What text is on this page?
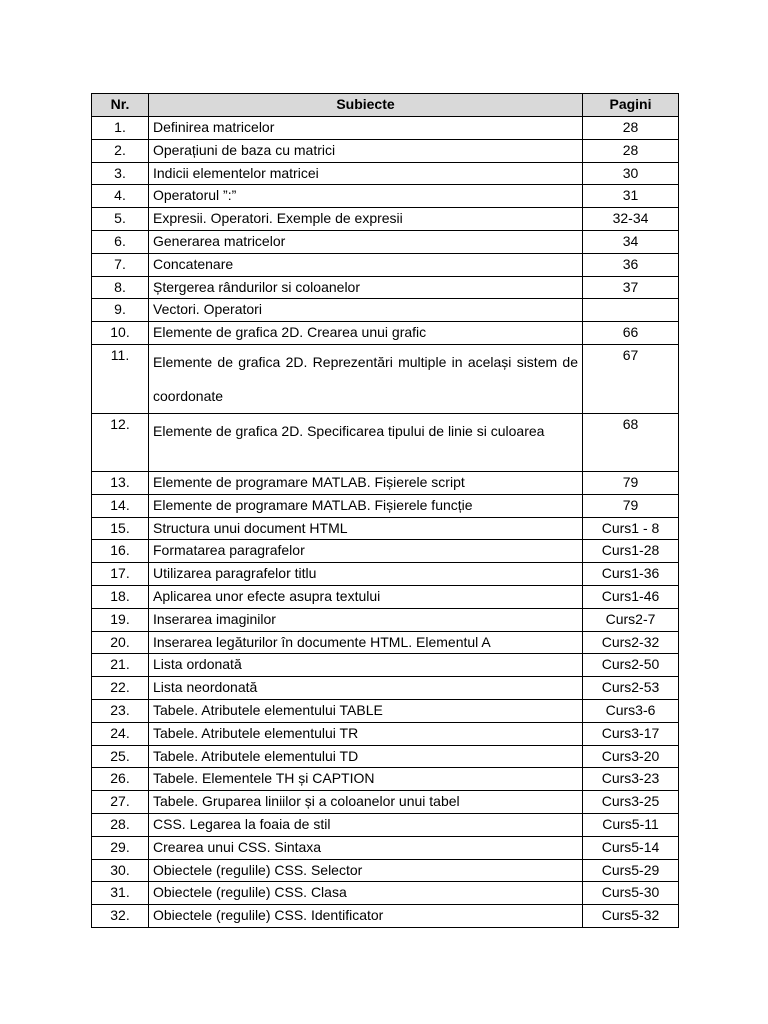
Nr.	Subiecte	Pagini
1.	Definirea matricelor	28
2.	Operațiuni de baza cu matrici	28
3.	Indicii elementelor matricei	30
4.	Operatorul ”:”	31
5.	Expresii. Operatori. Exemple de expresii	32-34
6.	Generarea matricelor	34
7.	Concatenare	36
8.	Ștergerea rândurilor si coloanelor	37
9.	Vectori. Operatori	
10.	Elemente de grafica 2D. Crearea unui grafic	66
11.	Elemente de grafica 2D. Reprezentări multiple in același sistem de coordonate	67
12.	Elemente de grafica 2D. Specificarea tipului de linie si culoarea	68
13.	Elemente de programare MATLAB. Fișierele script	79
14.	Elemente de programare MATLAB. Fișierele funcție	79
15.	Structura unui document HTML	Curs1 - 8
16.	Formatarea paragrafelor	Curs1-28
17.	Utilizarea paragrafelor titlu	Curs1-36
18.	Aplicarea unor efecte asupra textului	Curs1-46
19.	Inserarea imaginilor	Curs2-7
20.	Inserarea legăturilor în documente HTML. Elementul A	Curs2-32
21.	Lista ordonată	Curs2-50
22.	Lista neordonată	Curs2-53
23.	Tabele. Atributele elementului TABLE	Curs3-6
24.	Tabele. Atributele elementului TR	Curs3-17
25.	Tabele. Atributele elementului TD	Curs3-20
26.	Tabele. Elementele TH și CAPTION	Curs3-23
27.	Tabele. Gruparea liniilor și a coloanelor unui tabel	Curs3-25
28.	CSS. Legarea la foaia de stil	Curs5-11
29.	Crearea unui CSS. Sintaxa	Curs5-14
30.	Obiectele (regulile) CSS. Selector	Curs5-29
31.	Obiectele (regulile) CSS. Clasa	Curs5-30
32.	Obiectele (regulile) CSS. Identificator	Curs5-32
